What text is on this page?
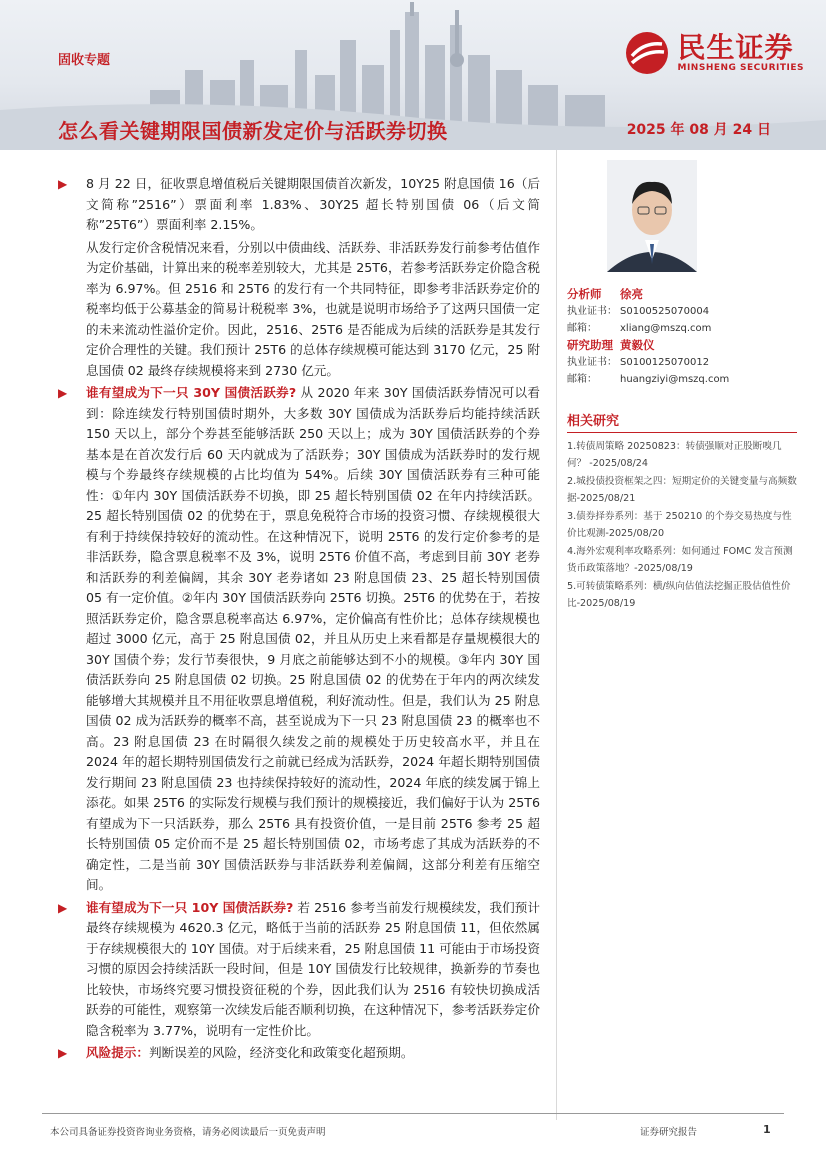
民生证券
MINSHENG SECURITIES
固收专题
怎么看关键期限国债新发定价与活跃券切换	2025 年 08 月 24 日

▶ 8 月 22 日，征收票息增值税后关键期限国债首次新发，10Y25 附息国债 16（后文简称”2516”）票面利率 1.83%、30Y25 超长特别国债 06（后文简称”25T6”）票面利率 2.15%。

从发行定价含税情况来看，分别以中债曲线、活跃券、非活跃券发行前参考估值作为定价基础，计算出来的税率差别较大，尤其是 25T6，若参考活跃券定价隐含税率为 6.97%。但 2516 和 25T6 的发行有一个共同特征，即参考非活跃券定价的税率均低于公募基金的简易计税税率 3%，也就是说明市场给予了这两只国债一定的未来流动性溢价定价。因此，2516、25T6 是否能成为后续的活跃券是其发行定价合理性的关键。我们预计 25T6 的总体存续规模可能达到 3170 亿元，25 附息国债 02 最终存续规模将来到 2730 亿元。

▶ 谁有望成为下一只 30Y 国债活跃券? 从 2020 年来 30Y 国债活跃券情况可以看到：除连续发行特别国债时期外，大多数 30Y 国债成为活跃券后均能持续活跃 150 天以上，部分个券甚至能够活跃 250 天以上；成为 30Y 国债活跃券的个券基本是在首次发行后 60 天内就成为了活跃券；30Y 国债成为活跃券时的发行规模与个券最终存续规模的占比均值为 54%。后续 30Y 国债活跃券有三种可能性：①年内 30Y 国债活跃券不切换，即 25 超长特别国债 02 在年内持续活跃。25 超长特别国债 02 的优势在于，票息免税符合市场的投资习惯、存续规模很大有利于持续保持较好的流动性。在这种情况下，说明 25T6 的发行定价参考的是非活跃券，隐含票息税率不及 3%，说明 25T6 价值不高，考虑到目前 30Y 老券和活跃券的利差偏阔，其余 30Y 老券诸如 23 附息国债 23、25 超长特别国债 05 有一定价值。②年内 30Y 国债活跃券向 25T6 切换。25T6 的优势在于，若按照活跃券定价，隐含票息税率高达 6.97%，定价偏高有性价比；总体存续规模也超过 3000 亿元，高于 25 附息国债 02，并且从历史上来看都是存量规模很大的 30Y 国债个券；发行节奏很快，9 月底之前能够达到不小的规模。③年内 30Y 国债活跃券向 25 附息国债 02 切换。25 附息国债 02 的优势在于年内的两次续发能够增大其规模并且不用征收票息增值税，利好流动性。但是，我们认为 25 附息国债 02 成为活跃券的概率不高，甚至说成为下一只 23 附息国债 23 的概率也不高。23 附息国债 23 在时隔很久续发之前的规模处于历史较高水平，并且在 2024 年的超长期特别国债发行之前就已经成为活跃券，2024 年超长期特别国债发行期间 23 附息国债 23 也持续保持较好的流动性，2024 年底的续发属于锦上添花。如果 25T6 的实际发行规模与我们预计的规模接近，我们偏好于认为 25T6 有望成为下一只活跃券，那么 25T6 具有投资价值，一是目前 25T6 参考 25 超长特别国债 05 定价而不是 25 超长特别国债 02，市场考虑了其成为活跃券的不确定性，二是当前 30Y 国债活跃券与非活跃券利差偏阔，这部分利差有压缩空间。

▶ 谁有望成为下一只 10Y 国债活跃券? 若 2516 参考当前发行规模续发，我们预计最终存续规模为 4620.3 亿元，略低于当前的活跃券 25 附息国债 11，但依然属于存续规模很大的 10Y 国债。对于后续来看，25 附息国债 11 可能由于市场投资习惯的原因会持续活跃一段时间，但是 10Y 国债发行比较规律，换新券的节奏也比较快，市场终究要习惯投资征税的个券，因此我们认为 2516 有较快切换成活跃券的可能性，观察第一次续发后能否顺利切换，在这种情况下，参考活跃券定价隐含税率为 3.77%，说明有一定性价比。

▶ 风险提示：判断误差的风险，经济变化和政策变化超预期。

分析师	徐亮
执业证书： S0100525070004
邮箱：	xliang@mszq.com
研究助理 黄毅仪
执业证书： S0100125070012
邮箱：	huangziyi@mszq.com
相关研究
1.转债周策略 20250823：转债强顺对正股断嗅几何？ -2025/08/24
2.城投债投资框架之四：短期定价的关键变量与高频数据-2025/08/21
3.债券择券系列：基于 250210 的个券交易热度与性价比观测-2025/08/20
4.海外宏观利率攻略系列：如何通过 FOMC 发言预测货币政策落地？-2025/08/19
5.可转债策略系列：横/纵向估值法挖掘正股估值性价比-2025/08/19
本公司具备证券投资咨询业务资格，请务必阅读最后一页免责声明	证券研究报告	1
